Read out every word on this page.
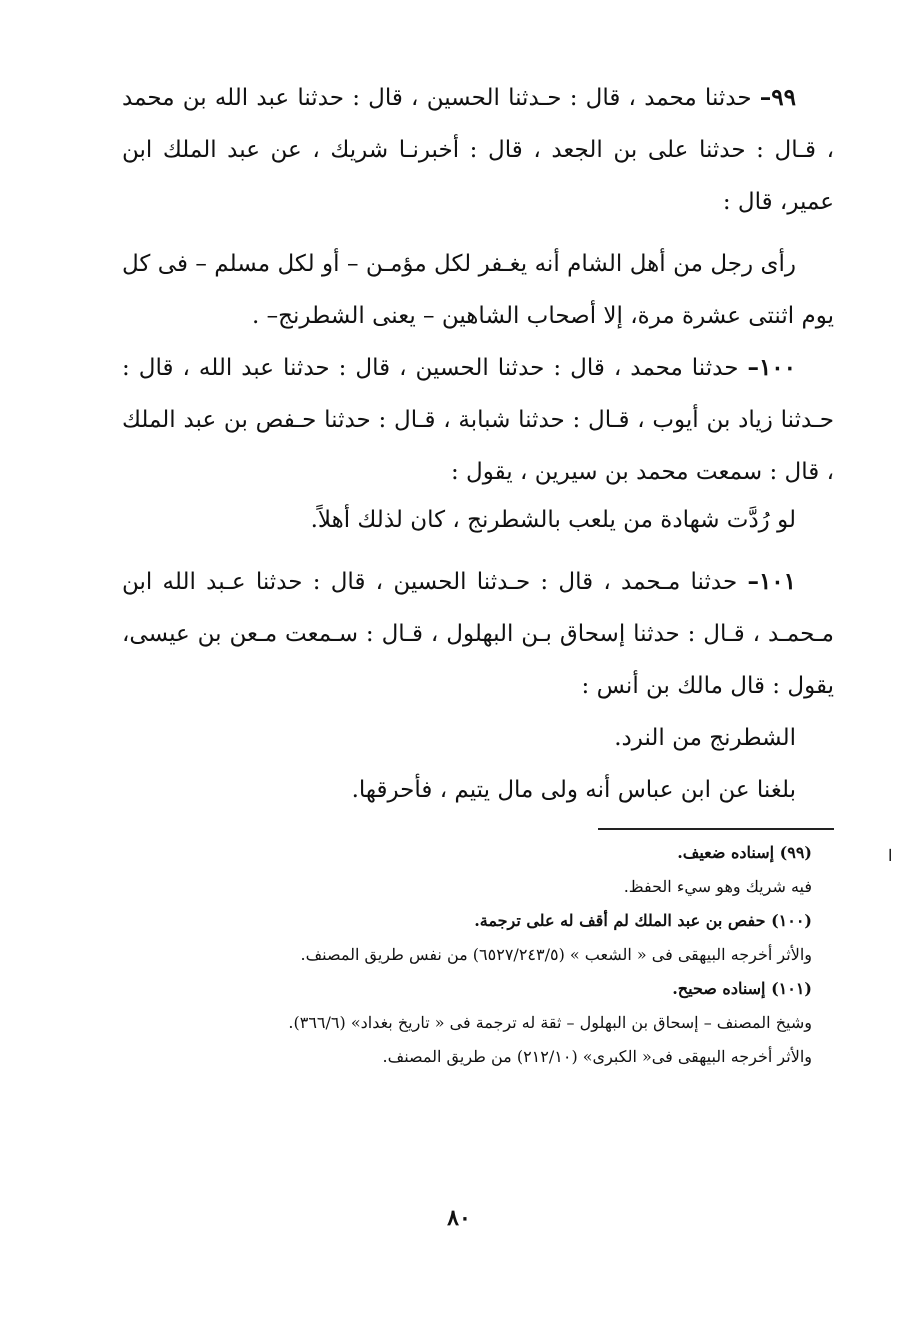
٩٩– حدثنا محمد ، قال : حـدثنا الحسين ، قال : حدثنا عبد الله بن محمد ، قـال : حدثنا على بن الجعد ، قال : أخبرنـا شريك ، عن عبد الملك ابن عمير، قال :

رأى رجل من أهل الشام أنه يغـفر لكل مؤمـن – أو لكل مسلم – فى كل يوم اثنتى عشرة مرة، إلا أصحاب الشاهين – يعنى الشطرنج– .

١٠٠– حدثنا محمد ، قال : حدثنا الحسين ، قال : حدثنا عبد الله ، قال : حـدثنا زياد بن أيوب ، قـال : حدثنا شبابة ، قـال : حدثنا حـفص بن عبد الملك ، قال : سمعت محمد بن سيرين ، يقول :

لو رُدَّت شهادة من يلعب بالشطرنج ، كان لذلك أهلاً.

١٠١– حدثنا مـحمد ، قال : حـدثنا الحسين ، قال : حدثنا عـبد الله ابن مـحمـد ، قـال : حدثنا إسحاق بـن البهلول ، قـال : سـمعت مـعن بن عيسى، يقول : قال مالك بن أنس :

الشطرنج من النرد.

بلغنا عن ابن عباس أنه ولى مال يتيم ، فأحرقها.

ا

(٩٩) إسناده ضعيف.

فيه شريك وهو سيء الحفظ.

(١٠٠) حفص بن عبد الملك لم أقف له على ترجمة.

والأثر أخرجه البيهقى فى « الشعب » (٦٥٢٧/٢٤٣/٥) من نفس طريق المصنف.

(١٠١) إسناده صحيح.

وشيخ المصنف – إسحاق بن البهلول – ثقة له ترجمة فى « تاريخ بغداد» (٣٦٦/٦).

والأثر أخرجه البيهقى فى« الكبرى» (٢١٢/١٠) من طريق المصنف.

٨٠
